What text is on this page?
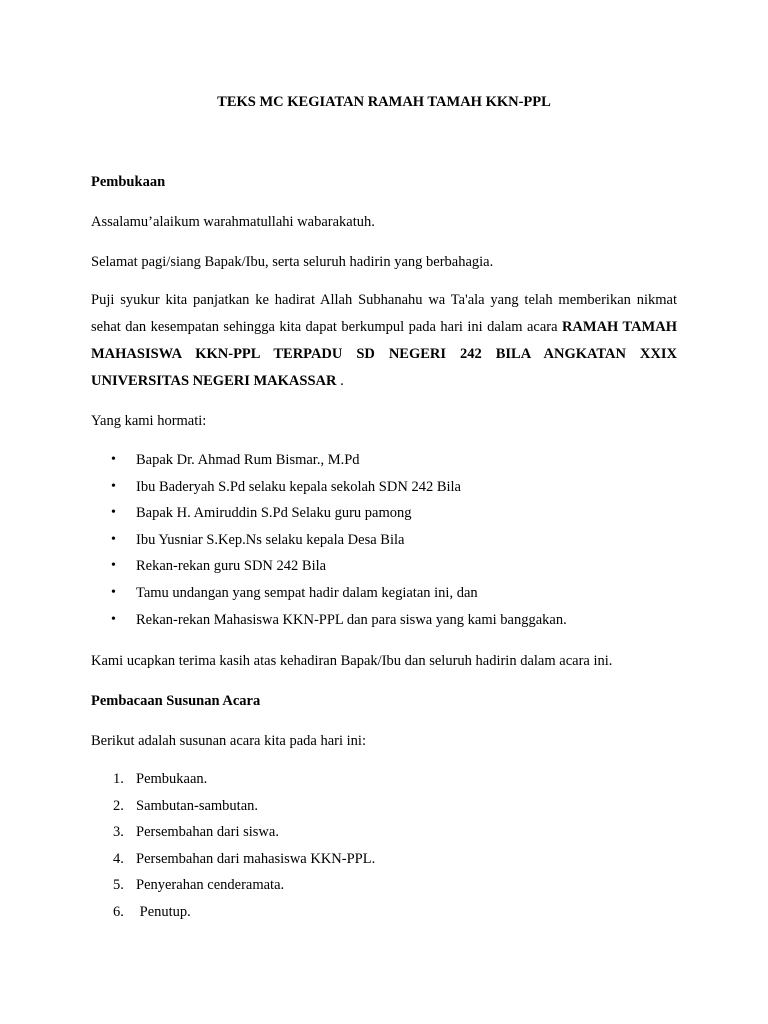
TEKS MC KEGIATAN RAMAH TAMAH KKN-PPL

Pembukaan

Assalamu’alaikum warahmatullahi wabarakatuh.

Selamat pagi/siang Bapak/Ibu, serta seluruh hadirin yang berbahagia.

Puji syukur kita panjatkan ke hadirat Allah Subhanahu wa Ta'ala yang telah memberikan nikmat sehat dan kesempatan sehingga kita dapat berkumpul pada hari ini dalam acara RAMAH TAMAH MAHASISWA KKN-PPL TERPADU SD NEGERI 242 BILA ANGKATAN XXIX UNIVERSITAS NEGERI MAKASSAR .

Yang kami hormati:

• Bapak Dr. Ahmad Rum Bismar., M.Pd
• Ibu Baderyah S.Pd selaku kepala sekolah SDN 242 Bila
• Bapak H. Amiruddin S.Pd Selaku guru pamong
• Ibu Yusniar S.Kep.Ns selaku kepala Desa Bila
• Rekan-rekan guru SDN 242 Bila
• Tamu undangan yang sempat hadir dalam kegiatan ini, dan
• Rekan-rekan Mahasiswa KKN-PPL dan para siswa yang kami banggakan.

Kami ucapkan terima kasih atas kehadiran Bapak/Ibu dan seluruh hadirin dalam acara ini.

Pembacaan Susunan Acara

Berikut adalah susunan acara kita pada hari ini:

1. Pembukaan.
2. Sambutan-sambutan.
3. Persembahan dari siswa.
4. Persembahan dari mahasiswa KKN-PPL.
5. Penyerahan cenderamata.
6. Penutup.
